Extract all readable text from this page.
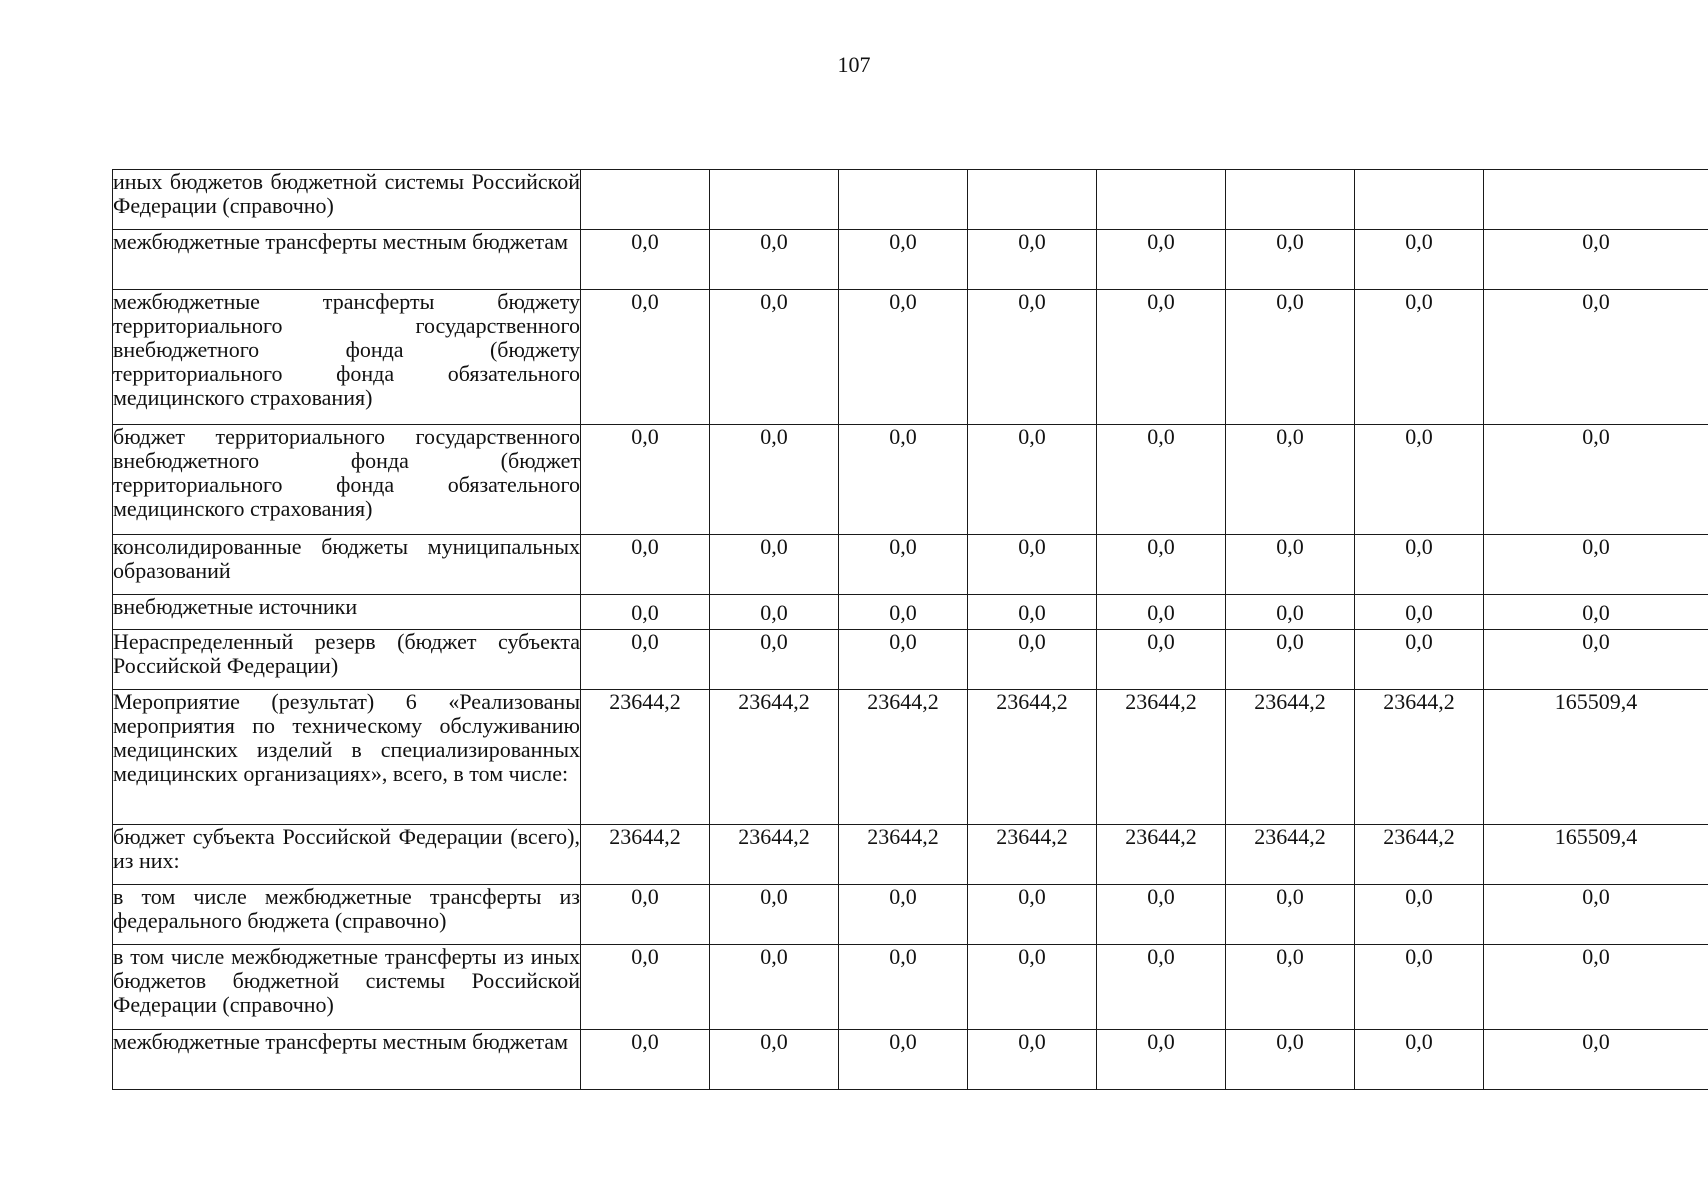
107
иных бюджетов бюджетной системы Российской Федерации (справочно)								
межбюджетные трансферты местным бюджетам	0,0	0,0	0,0	0,0	0,0	0,0	0,0	0,0
межбюджетные трансферты бюджету территориального государственного внебюджетного фонда (бюджету территориального фонда обязательного медицинского страхования)	0,0	0,0	0,0	0,0	0,0	0,0	0,0	0,0
бюджет территориального государственного внебюджетного фонда (бюджет территориального фонда обязательного медицинского страхования)	0,0	0,0	0,0	0,0	0,0	0,0	0,0	0,0
консолидированные бюджеты муниципальных образований	0,0	0,0	0,0	0,0	0,0	0,0	0,0	0,0
внебюджетные источники	0,0	0,0	0,0	0,0	0,0	0,0	0,0	0,0
Нераспределенный резерв (бюджет субъекта Российской Федерации)	0,0	0,0	0,0	0,0	0,0	0,0	0,0	0,0
Мероприятие (результат) 6 «Реализованы мероприятия по техническому обслуживанию медицинских изделий в специализированных медицинских организациях», всего, в том числе:	23644,2	23644,2	23644,2	23644,2	23644,2	23644,2	23644,2	165509,4
бюджет субъекта Российской Федерации (всего), из них:	23644,2	23644,2	23644,2	23644,2	23644,2	23644,2	23644,2	165509,4
в том числе межбюджетные трансферты из федерального бюджета (справочно)	0,0	0,0	0,0	0,0	0,0	0,0	0,0	0,0
в том числе межбюджетные трансферты из иных бюджетов бюджетной системы Российской Федерации (справочно)	0,0	0,0	0,0	0,0	0,0	0,0	0,0	0,0
межбюджетные трансферты местным бюджетам	0,0	0,0	0,0	0,0	0,0	0,0	0,0	0,0
